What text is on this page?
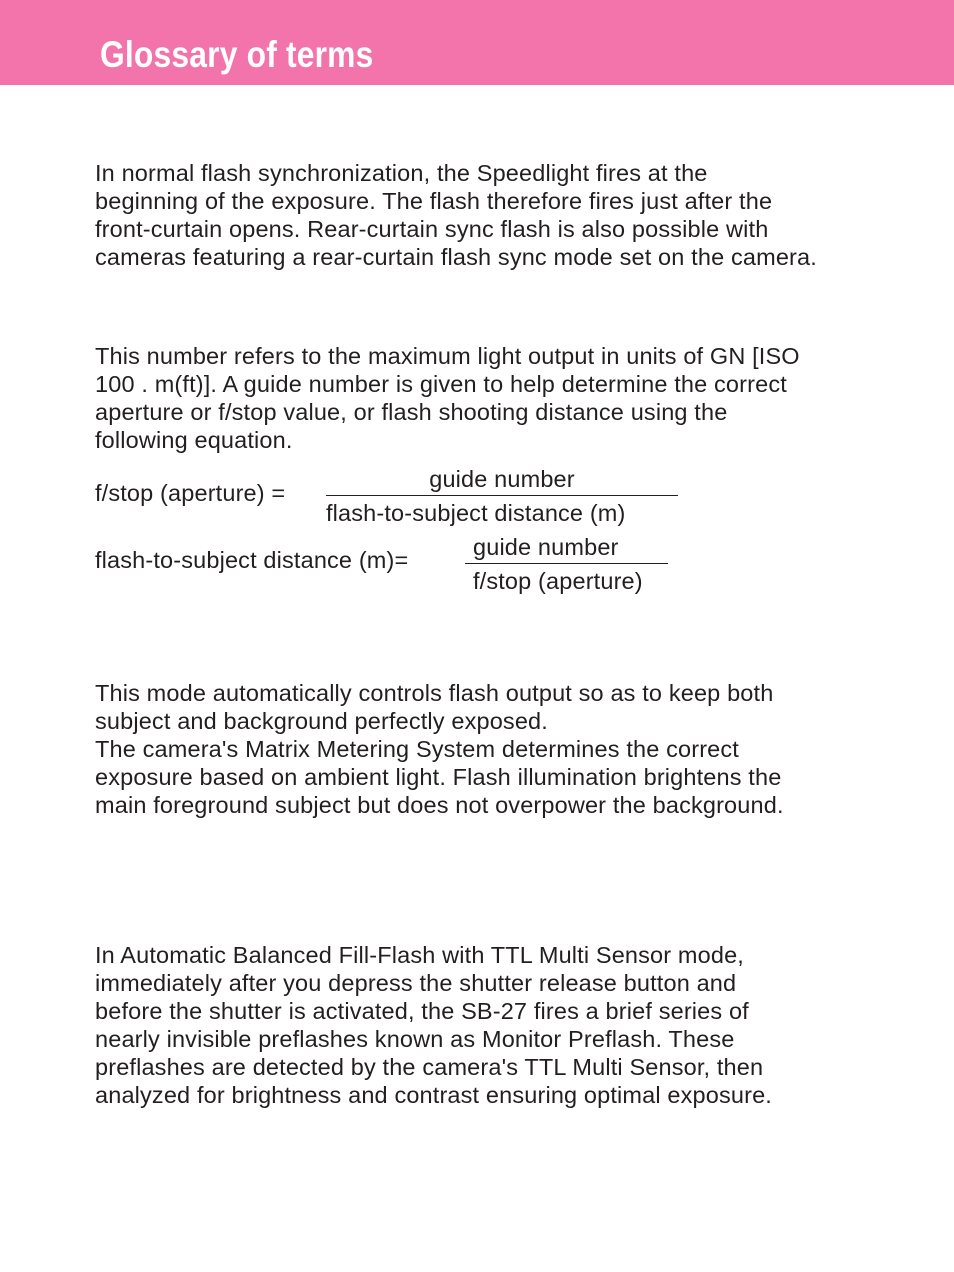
Glossary of terms

In normal flash synchronization, the Speedlight fires at the
beginning of the exposure. The flash therefore fires just after the
front-curtain opens. Rear-curtain sync flash is also possible with
cameras featuring a rear-curtain flash sync mode set on the camera.

This number refers to the maximum light output in units of GN [ISO
100 . m(ft)]. A guide number is given to help determine the correct
aperture or f/stop value, or flash shooting distance using the
following equation.

f/stop (aperture) =
guide number
flash-to-subject distance (m)
flash-to-subject distance (m)=	guide number
f/stop (aperture)

This mode automatically controls flash output so as to keep both
subject and background perfectly exposed.
The camera's Matrix Metering System determines the correct
exposure based on ambient light. Flash illumination brightens the
main foreground subject but does not overpower the background.

In Automatic Balanced Fill-Flash with TTL Multi Sensor mode,
immediately after you depress the shutter release button and
before the shutter is activated, the SB-27 fires a brief series of
nearly invisible preflashes known as Monitor Preflash. These
preflashes are detected by the camera's TTL Multi Sensor, then
analyzed for brightness and contrast ensuring optimal exposure.
